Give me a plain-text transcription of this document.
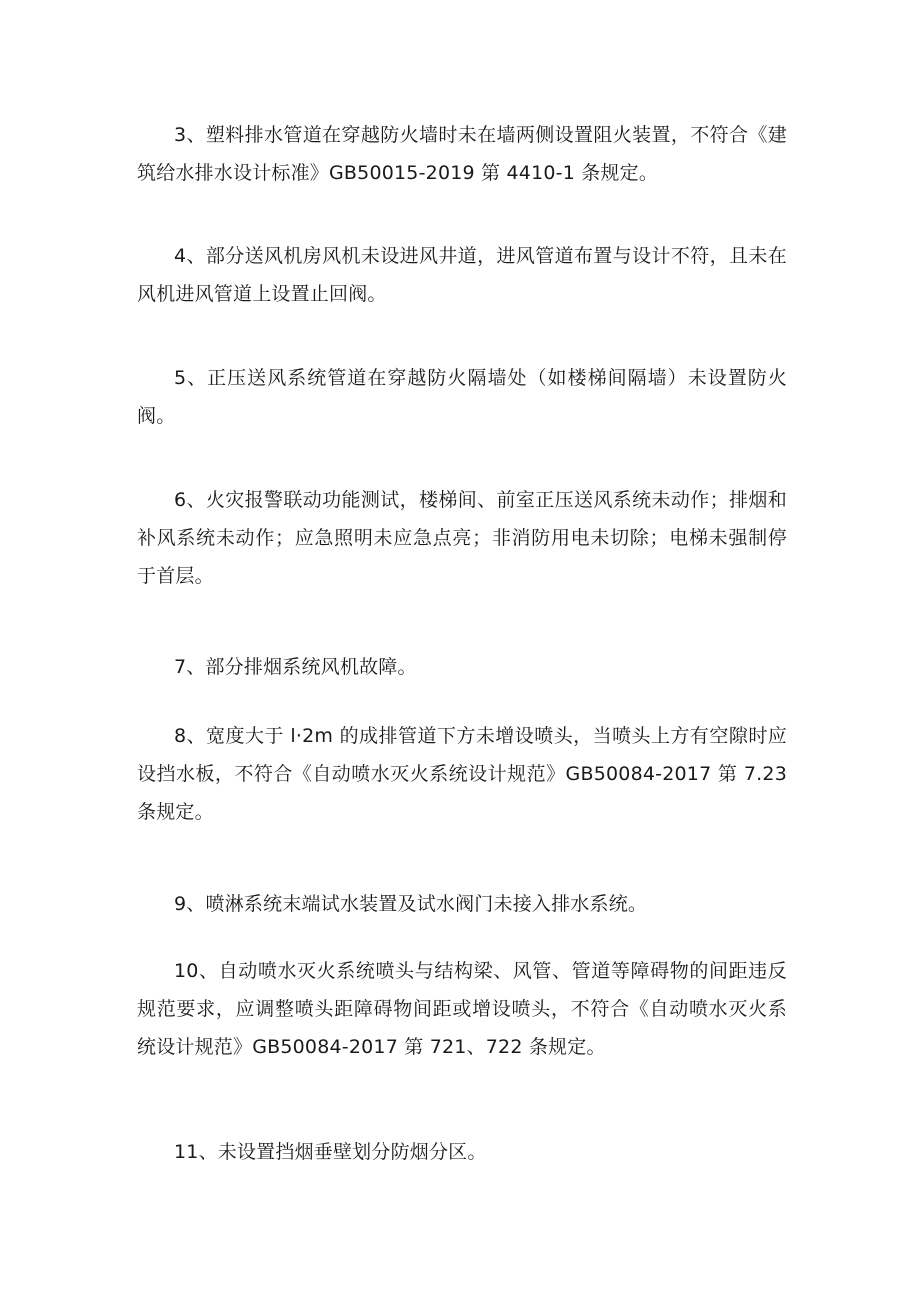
3、塑料排水管道在穿越防火墙时未在墙两侧设置阻火装置，不符合《建筑给水排水设计标准》GB50015-2019 第 4410-1 条规定。

4、部分送风机房风机未设进风井道，进风管道布置与设计不符，且未在风机进风管道上设置止回阀。

5、正压送风系统管道在穿越防火隔墙处（如楼梯间隔墙）未设置防火阀。

6、火灾报警联动功能测试，楼梯间、前室正压送风系统未动作；排烟和补风系统未动作；应急照明未应急点亮；非消防用电未切除；电梯未强制停于首层。

7、部分排烟系统风机故障。

8、宽度大于 l·2m 的成排管道下方未增设喷头，当喷头上方有空隙时应设挡水板，不符合《自动喷水灭火系统设计规范》GB50084-2017 第 7.23 条规定。

9、喷淋系统末端试水装置及试水阀门未接入排水系统。

10、自动喷水灭火系统喷头与结构梁、风管、管道等障碍物的间距违反规范要求，应调整喷头距障碍物间距或增设喷头，不符合《自动喷水灭火系统设计规范》GB50084-2017 第 721、722 条规定。

11、未设置挡烟垂壁划分防烟分区。
